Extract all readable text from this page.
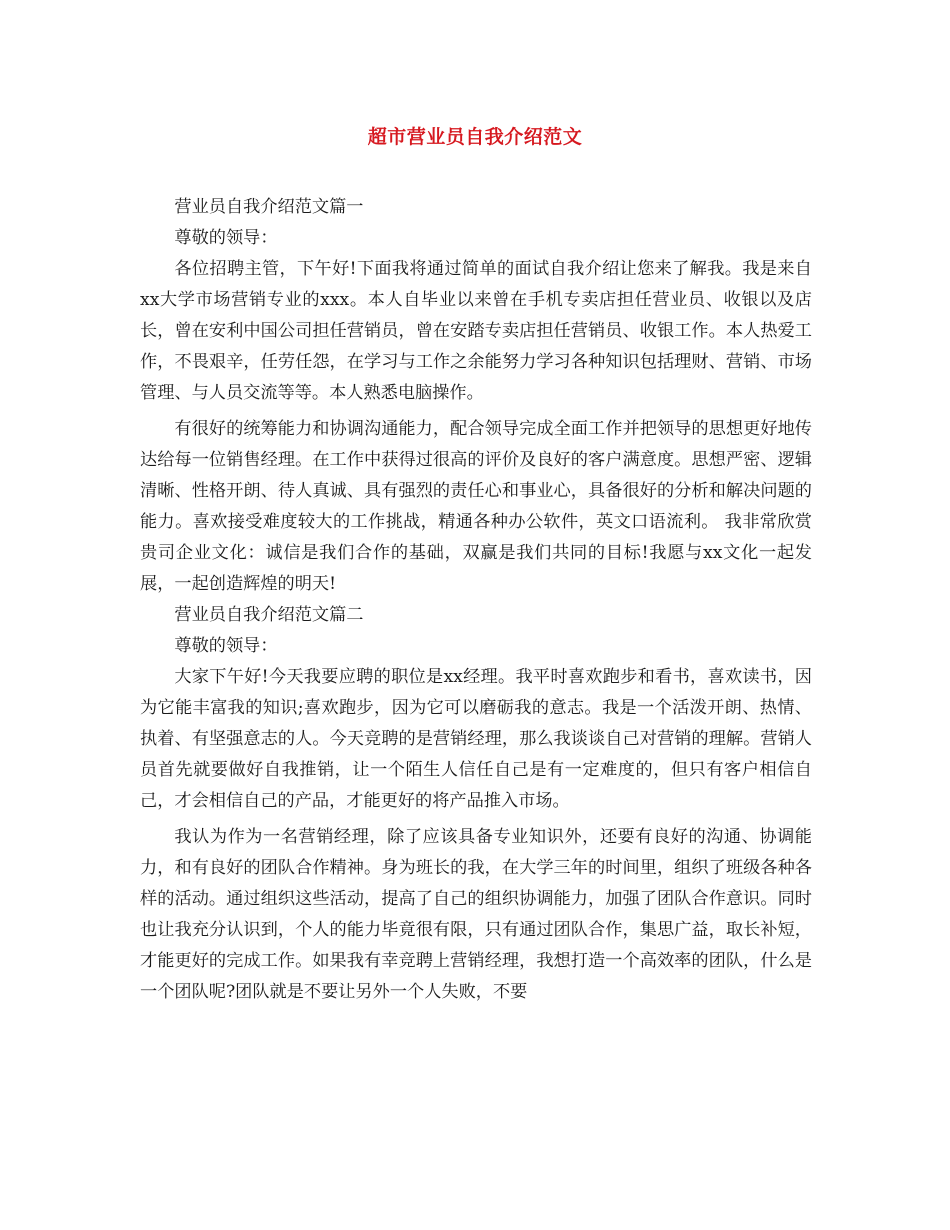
超市营业员自我介绍范文

营业员自我介绍范文篇一

尊敬的领导：

各位招聘主管，下午好!下面我将通过简单的面试自我介绍让您来了解我。我是来自xx大学市场营销专业的xxx。本人自毕业以来曾在手机专卖店担任营业员、收银以及店长，曾在安利中国公司担任营销员，曾在安踏专卖店担任营销员、收银工作。本人热爱工作，不畏艰辛，任劳任怨，在学习与工作之余能努力学习各种知识包括理财、营销、市场管理、与人员交流等等。本人熟悉电脑操作。

有很好的统筹能力和协调沟通能力，配合领导完成全面工作并把领导的思想更好地传达给每一位销售经理。在工作中获得过很高的评价及良好的客户满意度。思想严密、逻辑清晰、性格开朗、待人真诚、具有强烈的责任心和事业心，具备很好的分析和解决问题的能力。喜欢接受难度较大的工作挑战，精通各种办公软件，英文口语流利。 我非常欣赏贵司企业文化：诚信是我们合作的基础，双赢是我们共同的目标!我愿与xx文化一起发展，一起创造辉煌的明天!

营业员自我介绍范文篇二

尊敬的领导：

大家下午好!今天我要应聘的职位是xx经理。我平时喜欢跑步和看书，喜欢读书，因为它能丰富我的知识;喜欢跑步，因为它可以磨砺我的意志。我是一个活泼开朗、热情、执着、有坚强意志的人。今天竞聘的是营销经理，那么我谈谈自己对营销的理解。营销人员首先就要做好自我推销，让一个陌生人信任自己是有一定难度的，但只有客户相信自己，才会相信自己的产品，才能更好的将产品推入市场。

我认为作为一名营销经理，除了应该具备专业知识外，还要有良好的沟通、协调能力，和有良好的团队合作精神。身为班长的我，在大学三年的时间里，组织了班级各种各样的活动。通过组织这些活动，提高了自己的组织协调能力，加强了团队合作意识。同时也让我充分认识到，个人的能力毕竟很有限，只有通过团队合作，集思广益，取长补短，才能更好的完成工作。如果我有幸竞聘上营销经理，我想打造一个高效率的团队，什么是一个团队呢?团队就是不要让另外一个人失败，不要
